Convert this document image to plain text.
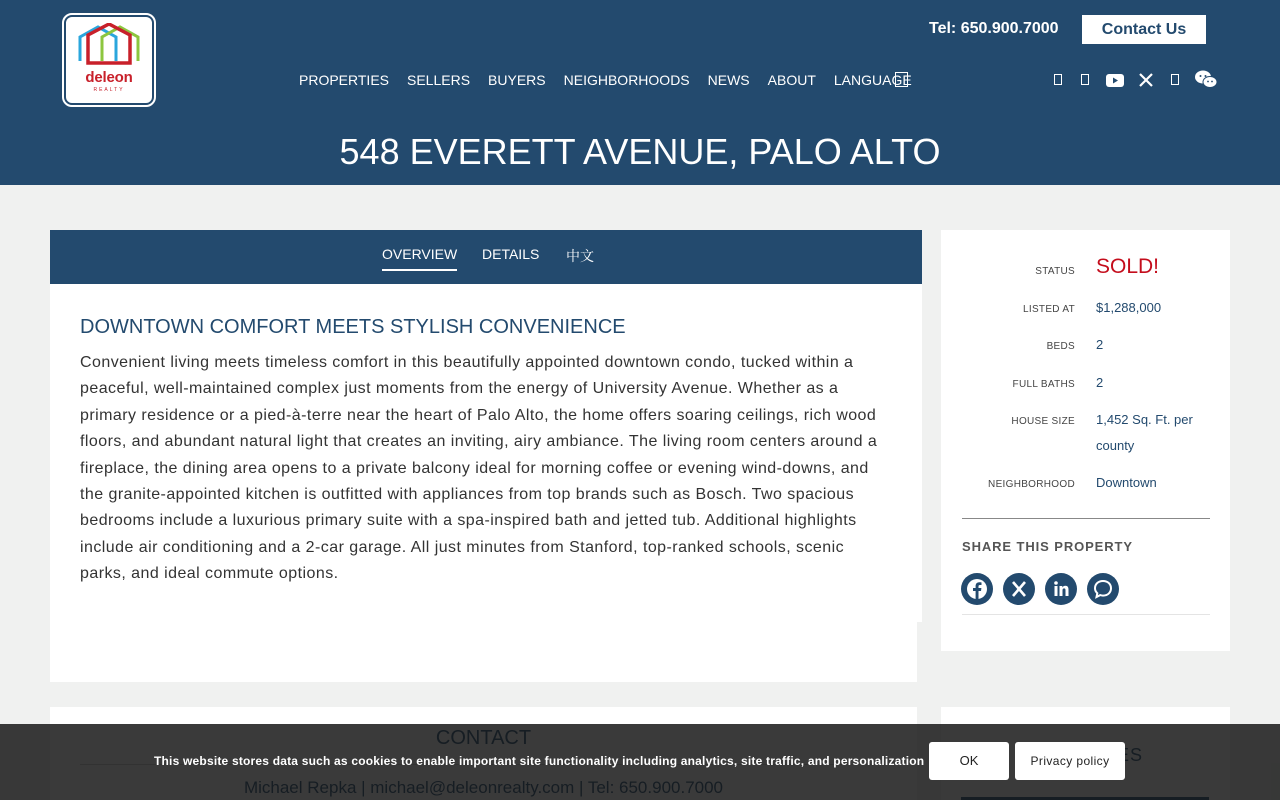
deleon
REALTY
Tel: 650.900.7000	Contact Us
PROPERTIES SELLERS BUYERS NEIGHBORHOODS NEWS ABOUT LANGUAGE
548 EVERETT AVENUE, PALO ALTO
OVERVIEW DETAILS 中文
DOWNTOWN COMFORT MEETS STYLISH CONVENIENCE

Convenient living meets timeless comfort in this beautifully appointed downtown condo, tucked within a peaceful, well-maintained complex just moments from the energy of University Avenue. Whether as a primary residence or a pied-à-terre near the heart of Palo Alto, the home offers soaring ceilings, rich wood floors, and abundant natural light that creates an inviting, airy ambiance. The living room centers around a fireplace, the dining area opens to a private balcony ideal for morning coffee or evening wind-downs, and the granite-appointed kitchen is outfitted with appliances from top brands such as Bosch. Two spacious bedrooms include a luxurious primary suite with a spa-inspired bath and jetted tub. Additional highlights include air conditioning and a 2-car garage. All just minutes from Stanford, top-ranked schools, scenic parks, and ideal commute options.

STATUS SOLD!
LISTED AT $1,288,000
BEDS 2
FULL BATHS 2
HOUSE SIZE 1,452 Sq. Ft. per county
NEIGHBORHOOD Downtown
SHARE THIS PROPERTY
This website stores data such as cookies to enable important site functionality including analytics, site traffic, and personalization	OK	Privacy policy
